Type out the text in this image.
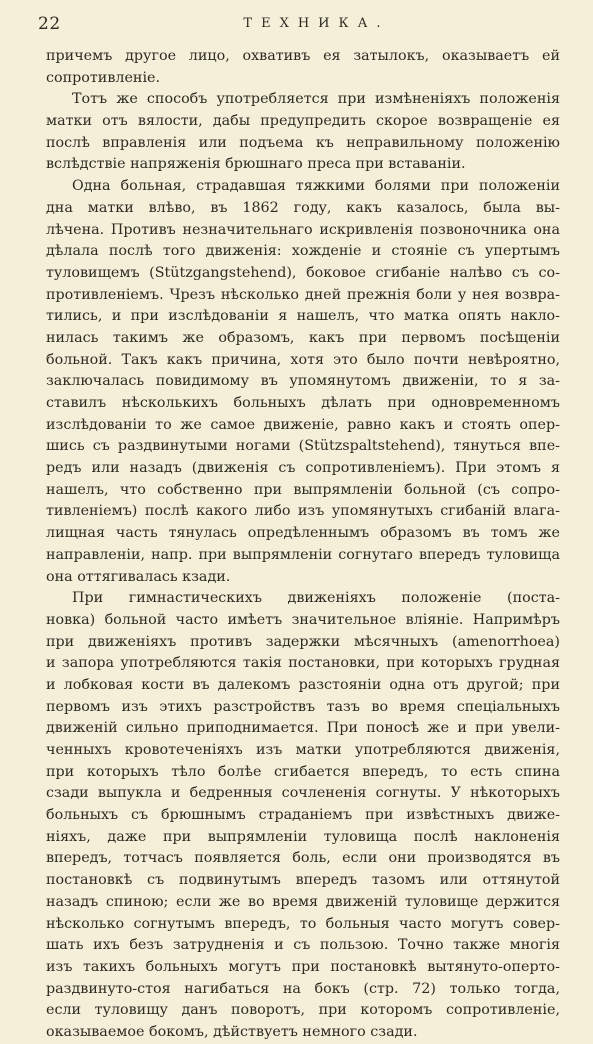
22	ТЕХНИКА.
причемъ другое лицо, охвативъ ея затылокъ, оказываетъ ей
сопротивленіе.
Тотъ же способъ употребляется при измѣненіяхъ положенія
матки отъ вялости, дабы предупредить скорое возвращеніе ея
послѣ вправленія или подъема къ неправильному положенію
вслѣдствіе напряженія брюшнаго преса при вставаніи.
Одна больная, страдавшая тяжкими болями при положеніи
дна матки влѣво, въ 1862 году, какъ казалось, была вы-
лѣчена. Противъ незначительнаго искривленія позвоночника она
дѣлала послѣ того движенія: хожденіе и стояніе съ упертымъ
туловищемъ (Stützgangstehend), боковое сгибаніе налѣво съ со-
противленіемъ. Чрезъ нѣсколько дней прежнія боли у нея возвра-
тились, и при изслѣдованіи я нашелъ, что матка опять накло-
нилась такимъ же образомъ, какъ при первомъ посѣщеніи
больной. Такъ какъ причина, хотя это было почти невѣроятно,
заключалась повидимому въ упомянутомъ движеніи, то я за-
ставилъ нѣсколькихъ больныхъ дѣлать при одновременномъ
изслѣдованіи то же самое движеніе, равно какъ и стоять опер-
шись съ раздвинутыми ногами (Stützspaltstehend), тянуться впе-
редъ или назадъ (движенія съ сопротивленіемъ). При этомъ я
нашелъ, что собственно при выпрямленіи больной (съ сопро-
тивленіемъ) послѣ какого либо изъ упомянутыхъ сгибаній влага-
лищная часть тянулась опредѣленнымъ образомъ въ томъ же
направленіи, напр. при выпрямленіи согнутаго впередъ туловища
она оттягивалась кзади.
При гимнастическихъ движеніяхъ положеніе (поста-
новка) больной часто имѣетъ значительное вліяніе. Напримѣръ
при движеніяхъ противъ задержки мѣсячныхъ (amenorrhoea)
и запора употребляются такія постановки, при которыхъ грудная
и лобковая кости въ далекомъ разстояніи одна отъ другой; при
первомъ изъ этихъ разстройствъ тазъ во время спеціальныхъ
движеній сильно приподнимается. При поносѣ же и при увели-
ченныхъ кровотеченіяхъ изъ матки употребляются движенія,
при которыхъ тѣло болѣе сгибается впередъ, то есть спина
сзади выпукла и бедренныя сочлененія согнуты. У нѣкоторыхъ
больныхъ съ брюшнымъ страданіемъ при извѣстныхъ движе-
ніяхъ, даже при выпрямленіи туловища послѣ наклоненія
впередъ, тотчасъ появляется боль, если они производятся въ
постановкѣ съ подвинутымъ впередъ тазомъ или оттянутой
назадъ спиною; если же во время движеній туловище держится
нѣсколько согнутымъ впередъ, то больныя часто могутъ совер-
шать ихъ безъ затрудненія и съ пользою. Точно также многія
изъ такихъ больныхъ могутъ при постановкѣ вытянуто-оперто-
раздвинуто-стоя нагибаться на бокъ (стр. 72) только тогда,
если туловищу данъ поворотъ, при которомъ сопротивленіе,
оказываемое бокомъ, дѣйствуетъ немного сзади.
